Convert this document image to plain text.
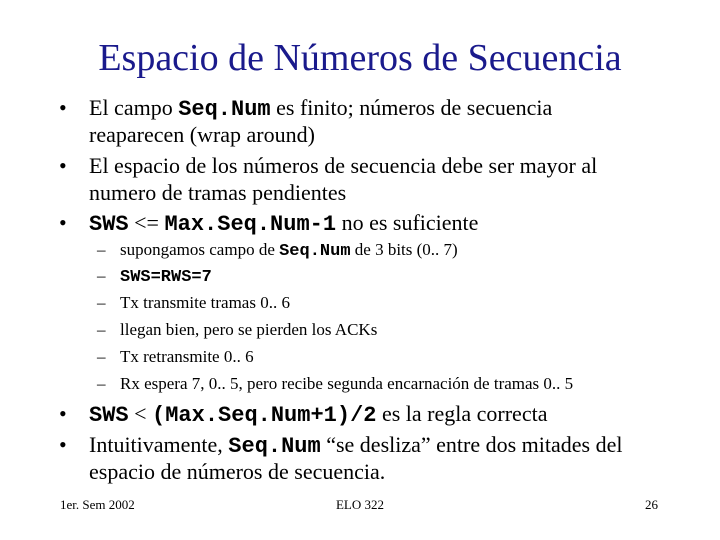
Espacio de Números de Secuencia
• El campo Seq.Num es finito; números de secuencia
reaparecen (wrap around)
• El espacio de los números de secuencia debe ser mayor al
numero de tramas pendientes
• SWS <= Max.Seq.Num-1 no es suficiente
– supongamos campo de Seq.Num de 3 bits (0.. 7)
– SWS=RWS=7
– Tx transmite tramas 0.. 6
– llegan bien, pero se pierden los ACKs
– Tx retransmite 0.. 6
– Rx espera 7, 0.. 5, pero recibe segunda encarnación de tramas 0.. 5
• SWS < (Max.Seq.Num+1)/2 es la regla correcta
• Intuitivamente, Seq.Num “se desliza” entre dos mitades del
espacio de números de secuencia.
1er. Sem 2002	ELO 322	26
